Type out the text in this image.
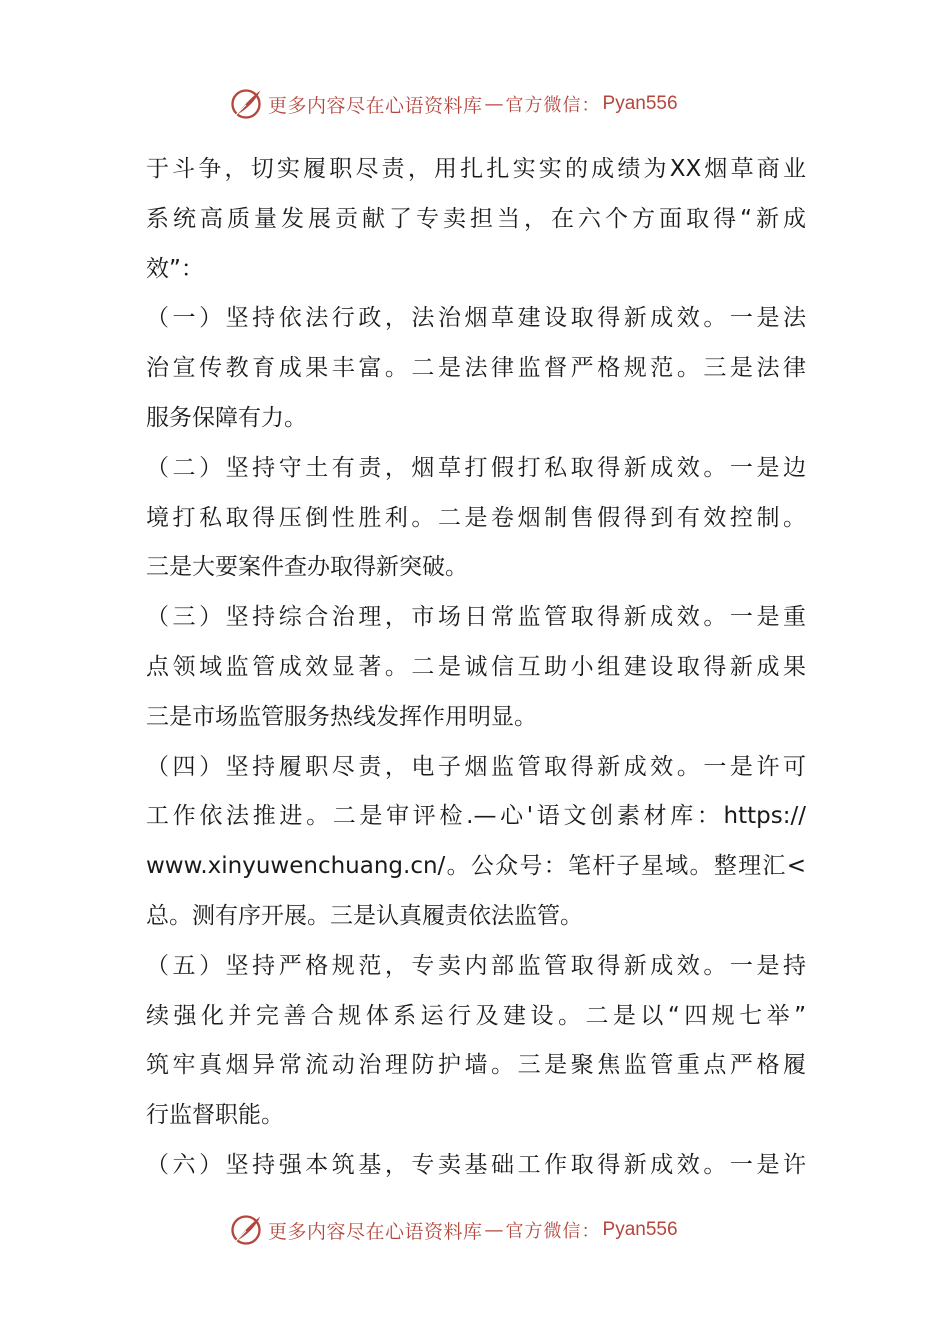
更多内容尽在心语资料库 — 官方微信： Pyan556
于斗争，切实履职尽责，用扎扎实实的成绩为XX烟草商业
系统高质量发展贡献了专卖担当，在六个方面取得“新成
效”：
（一）坚持依法行政，法治烟草建设取得新成效。一是法
治宣传教育成果丰富。二是法律监督严格规范。三是法律
服务保障有力。
（二）坚持守土有责，烟草打假打私取得新成效。一是边
境打私取得压倒性胜利。二是卷烟制售假得到有效控制。
三是大要案件查办取得新突破。
（三）坚持综合治理，市场日常监管取得新成效。一是重
点领域监管成效显著。二是诚信互助小组建设取得新成果
三是市场监管服务热线发挥作用明显。
（四）坚持履职尽责，电子烟监管取得新成效。一是许可
工作依法推进。二是审评检.—心'语文创素材库：https://
www.xinyuwenchuang.cn/。公众号：笔杆子星域。整理汇<
总。测有序开展。三是认真履责依法监管。
（五）坚持严格规范，专卖内部监管取得新成效。一是持
续强化并完善合规体系运行及建设。二是以“四规七举”
筑牢真烟异常流动治理防护墙。三是聚焦监管重点严格履
行监督职能。
（六）坚持强本筑基，专卖基础工作取得新成效。一是许
更多内容尽在心语资料库 — 官方微信： Pyan556
